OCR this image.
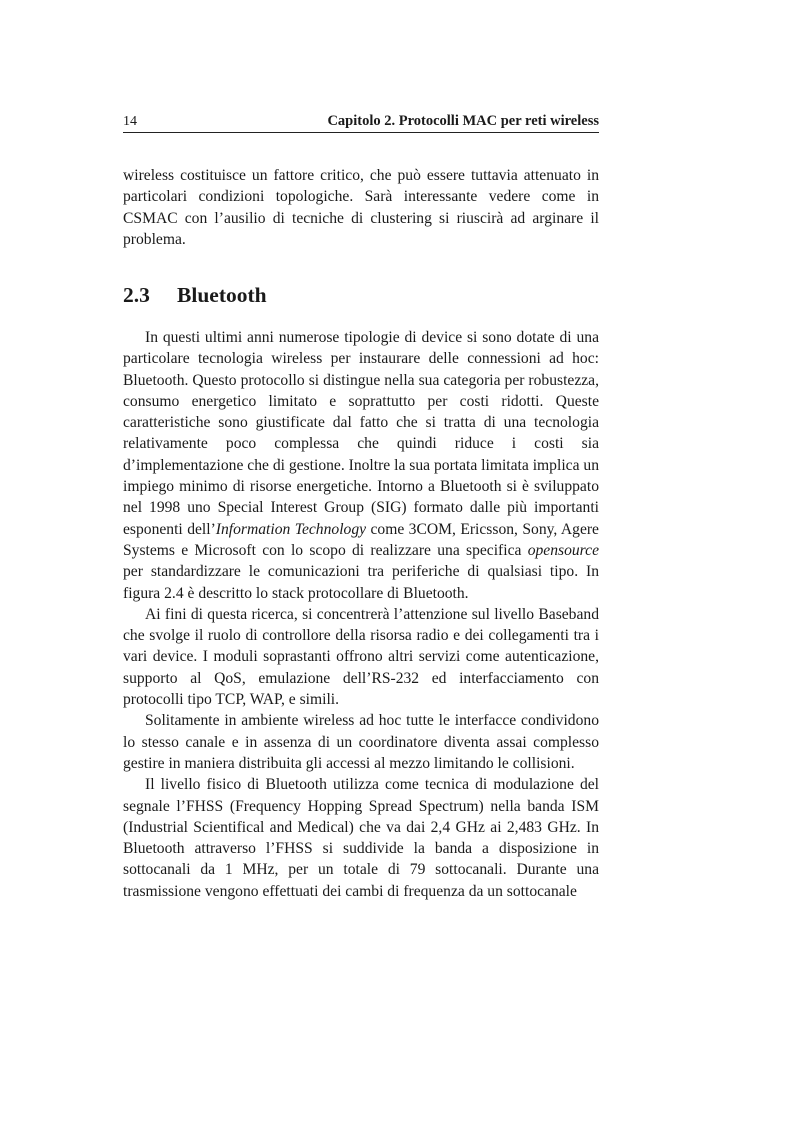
14	Capitolo 2. Protocolli MAC per reti wireless

wireless costituisce un fattore critico, che può essere tuttavia attenuato in particolari condizioni topologiche. Sarà interessante vedere come in CSMAC con l’ausilio di tecniche di clustering si riuscirà ad arginare il problema.

2.3 Bluetooth

In questi ultimi anni numerose tipologie di device si sono dotate di una particolare tecnologia wireless per instaurare delle connessioni ad hoc: Bluetooth. Questo protocollo si distingue nella sua categoria per robustezza, consumo energetico limitato e soprattutto per costi ridotti. Queste caratteristiche sono giustificate dal fatto che si tratta di una tecnologia relativamente poco complessa che quindi riduce i costi sia d’implementazione che di gestione. Inoltre la sua portata limitata implica un impiego minimo di risorse energetiche. Intorno a Bluetooth si è sviluppato nel 1998 uno Special Interest Group (SIG) formato dalle più importanti esponenti dell’Information Technology come 3COM, Ericsson, Sony, Agere Systems e Microsoft con lo scopo di realizzare una specifica opensource per standardizzare le comunicazioni tra periferiche di qualsiasi tipo. In figura 2.4 è descritto lo stack protocollare di Bluetooth.

Ai fini di questa ricerca, si concentrerà l’attenzione sul livello Baseband che svolge il ruolo di controllore della risorsa radio e dei collegamenti tra i vari device. I moduli soprastanti offrono altri servizi come autenticazione, supporto al QoS, emulazione dell’RS-232 ed interfacciamento con protocolli tipo TCP, WAP, e simili.

Solitamente in ambiente wireless ad hoc tutte le interfacce condividono lo stesso canale e in assenza di un coordinatore diventa assai complesso gestire in maniera distribuita gli accessi al mezzo limitando le collisioni.

Il livello fisico di Bluetooth utilizza come tecnica di modulazione del segnale l’FHSS (Frequency Hopping Spread Spectrum) nella banda ISM (Industrial Scientifical and Medical) che va dai 2,4 GHz ai 2,483 GHz. In Bluetooth attraverso l’FHSS si suddivide la banda a disposizione in sottocanali da 1 MHz, per un totale di 79 sottocanali. Durante una trasmissione vengono effettuati dei cambi di frequenza da un sottocanale
